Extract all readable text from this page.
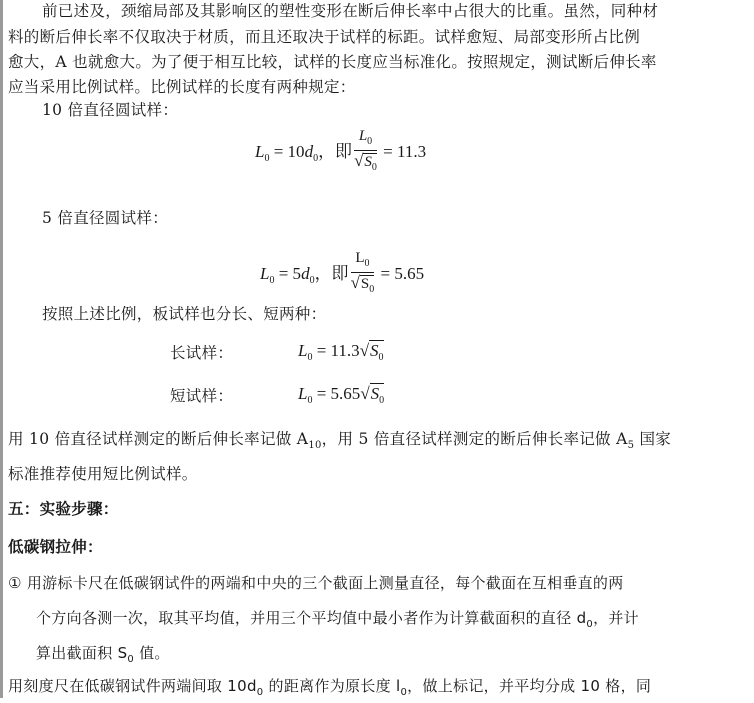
前已述及，颈缩局部及其影响区的塑性变形在断后伸长率中占很大的比重。虽然，同种材
料的断后伸长率不仅取决于材质，而且还取决于试样的标距。试样愈短、局部变形所占比例
愈大，A 也就愈大。为了便于相互比较，试样的长度应当标准化。按照规定，测试断后伸长率
应当采用比例试样。比例试样的长度有两种规定：
10 倍直径圆试样：
$L_0 = 10d_0$，即 $\frac{L_0}{√S_0} = 11.3$
5 倍直径圆试样：
$L_0 = 5d_0$，即 $\frac{L_0}{√S_0} = 5.65$
按照上述比例，板试样也分长、短两种：
长试样：	$L_0 = 11.3√S_0$
短试样：	$L_0 = 5.65√S_0$
用 10 倍直径试样测定的断后伸长率记做 $A_{10}$，用 5 倍直径试样测定的断后伸长率记做 $A_5$ 国家
标准推荐使用短比例试样。
五：实验步骤：
低碳钢拉伸：
① 用游标卡尺在低碳钢试件的两端和中央的三个截面上测量直径，每个截面在互相垂直的两
个方向各测一次，取其平均值，并用三个平均值中最小者作为计算截面积的直径 $d_0$，并计
算出截面积 $S_0$ 值。
用刻度尺在低碳钢试件两端间取 $10d_0$ 的距离作为原长度 $l_0$，做上标记，并平均分成 10 格，同
